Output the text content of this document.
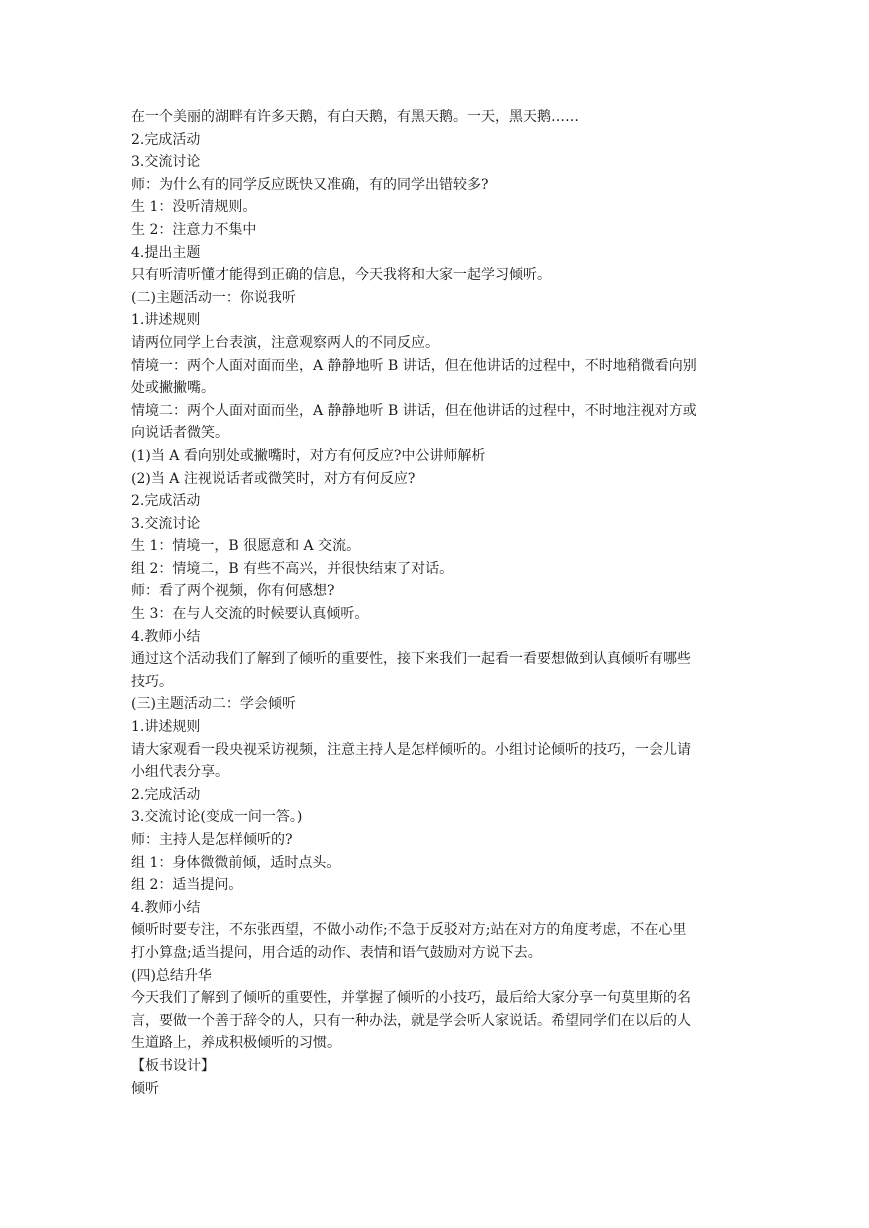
在一个美丽的湖畔有许多天鹅，有白天鹅，有黑天鹅。一天，黑天鹅……
2.完成活动
3.交流讨论
师：为什么有的同学反应既快又准确，有的同学出错较多?
生 1：没听清规则。
生 2：注意力不集中
4.提出主题
只有听清听懂才能得到正确的信息，今天我将和大家一起学习倾听。
(二)主题活动一：你说我听
1.讲述规则
请两位同学上台表演，注意观察两人的不同反应。
情境一：两个人面对面而坐，A 静静地听 B 讲话，但在他讲话的过程中，不时地稍微看向别
处或撇撇嘴。
情境二：两个人面对面而坐，A 静静地听 B 讲话，但在他讲话的过程中，不时地注视对方或
向说话者微笑。
(1)当 A 看向别处或撇嘴时，对方有何反应?中公讲师解析
(2)当 A 注视说话者或微笑时，对方有何反应?
2.完成活动
3.交流讨论
生 1：情境一，B 很愿意和 A 交流。
组 2：情境二，B 有些不高兴，并很快结束了对话。
师：看了两个视频，你有何感想?
生 3：在与人交流的时候要认真倾听。
4.教师小结
通过这个活动我们了解到了倾听的重要性，接下来我们一起看一看要想做到认真倾听有哪些
技巧。
(三)主题活动二：学会倾听
1.讲述规则
请大家观看一段央视采访视频，注意主持人是怎样倾听的。小组讨论倾听的技巧，一会儿请
小组代表分享。
2.完成活动
3.交流讨论(变成一问一答。)
师：主持人是怎样倾听的?
组 1：身体微微前倾，适时点头。
组 2：适当提问。
4.教师小结
倾听时要专注，不东张西望，不做小动作;不急于反驳对方;站在对方的角度考虑，不在心里
打小算盘;适当提问，用合适的动作、表情和语气鼓励对方说下去。
(四)总结升华
今天我们了解到了倾听的重要性，并掌握了倾听的小技巧，最后给大家分享一句莫里斯的名
言，要做一个善于辞令的人，只有一种办法，就是学会听人家说话。希望同学们在以后的人
生道路上，养成积极倾听的习惯。
【板书设计】
倾听
